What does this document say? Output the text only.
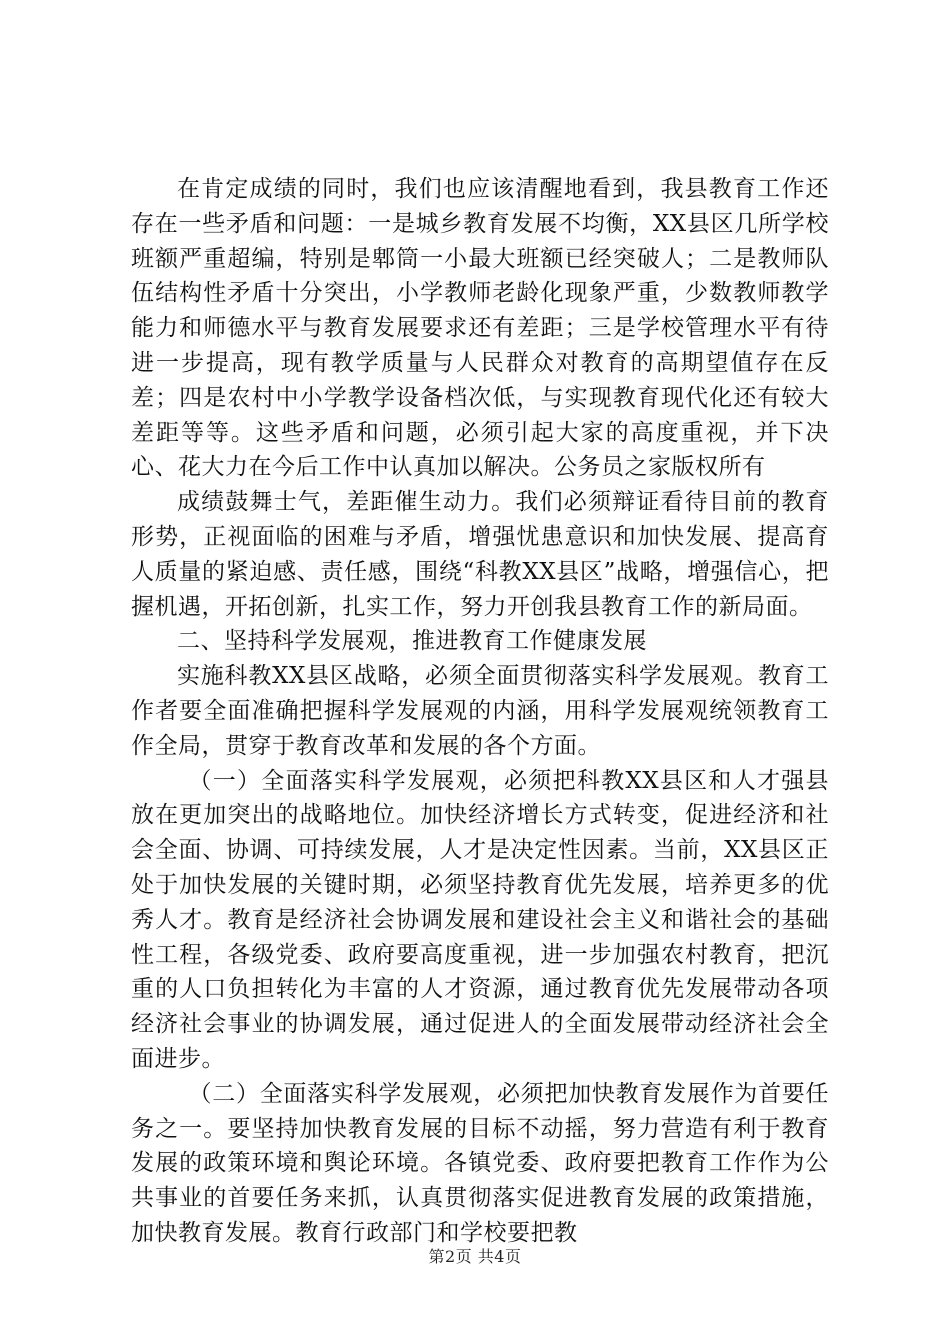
在肯定成绩的同时，我们也应该清醒地看到，我县教育工作还存在一些矛盾和问题：一是城乡教育发展不均衡，XX县区几所学校班额严重超编，特别是郫筒一小最大班额已经突破人；二是教师队伍结构性矛盾十分突出，小学教师老龄化现象严重，少数教师教学能力和师德水平与教育发展要求还有差距；三是学校管理水平有待进一步提高，现有教学质量与人民群众对教育的高期望值存在反差；四是农村中小学教学设备档次低，与实现教育现代化还有较大差距等等。这些矛盾和问题，必须引起大家的高度重视，并下决心、花大力在今后工作中认真加以解决。公务员之家版权所有

成绩鼓舞士气，差距催生动力。我们必须辩证看待目前的教育形势，正视面临的困难与矛盾，增强忧患意识和加快发展、提高育人质量的紧迫感、责任感，围绕“科教XX县区”战略，增强信心，把握机遇，开拓创新，扎实工作，努力开创我县教育工作的新局面。

二、坚持科学发展观，推进教育工作健康发展

实施科教XX县区战略，必须全面贯彻落实科学发展观。教育工作者要全面准确把握科学发展观的内涵，用科学发展观统领教育工作全局，贯穿于教育改革和发展的各个方面。

（一）全面落实科学发展观，必须把科教XX县区和人才强县放在更加突出的战略地位。加快经济增长方式转变，促进经济和社会全面、协调、可持续发展，人才是决定性因素。当前，XX县区正处于加快发展的关键时期，必须坚持教育优先发展，培养更多的优秀人才。教育是经济社会协调发展和建设社会主义和谐社会的基础性工程，各级党委、政府要高度重视，进一步加强农村教育，把沉重的人口负担转化为丰富的人才资源，通过教育优先发展带动各项经济社会事业的协调发展，通过促进人的全面发展带动经济社会全面进步。

（二）全面落实科学发展观，必须把加快教育发展作为首要任务之一。要坚持加快教育发展的目标不动摇，努力营造有利于教育发展的政策环境和舆论环境。各镇党委、政府要把教育工作作为公共事业的首要任务来抓，认真贯彻落实促进教育发展的政策措施，加快教育发展。教育行政部门和学校要把教

第2页 共4页
